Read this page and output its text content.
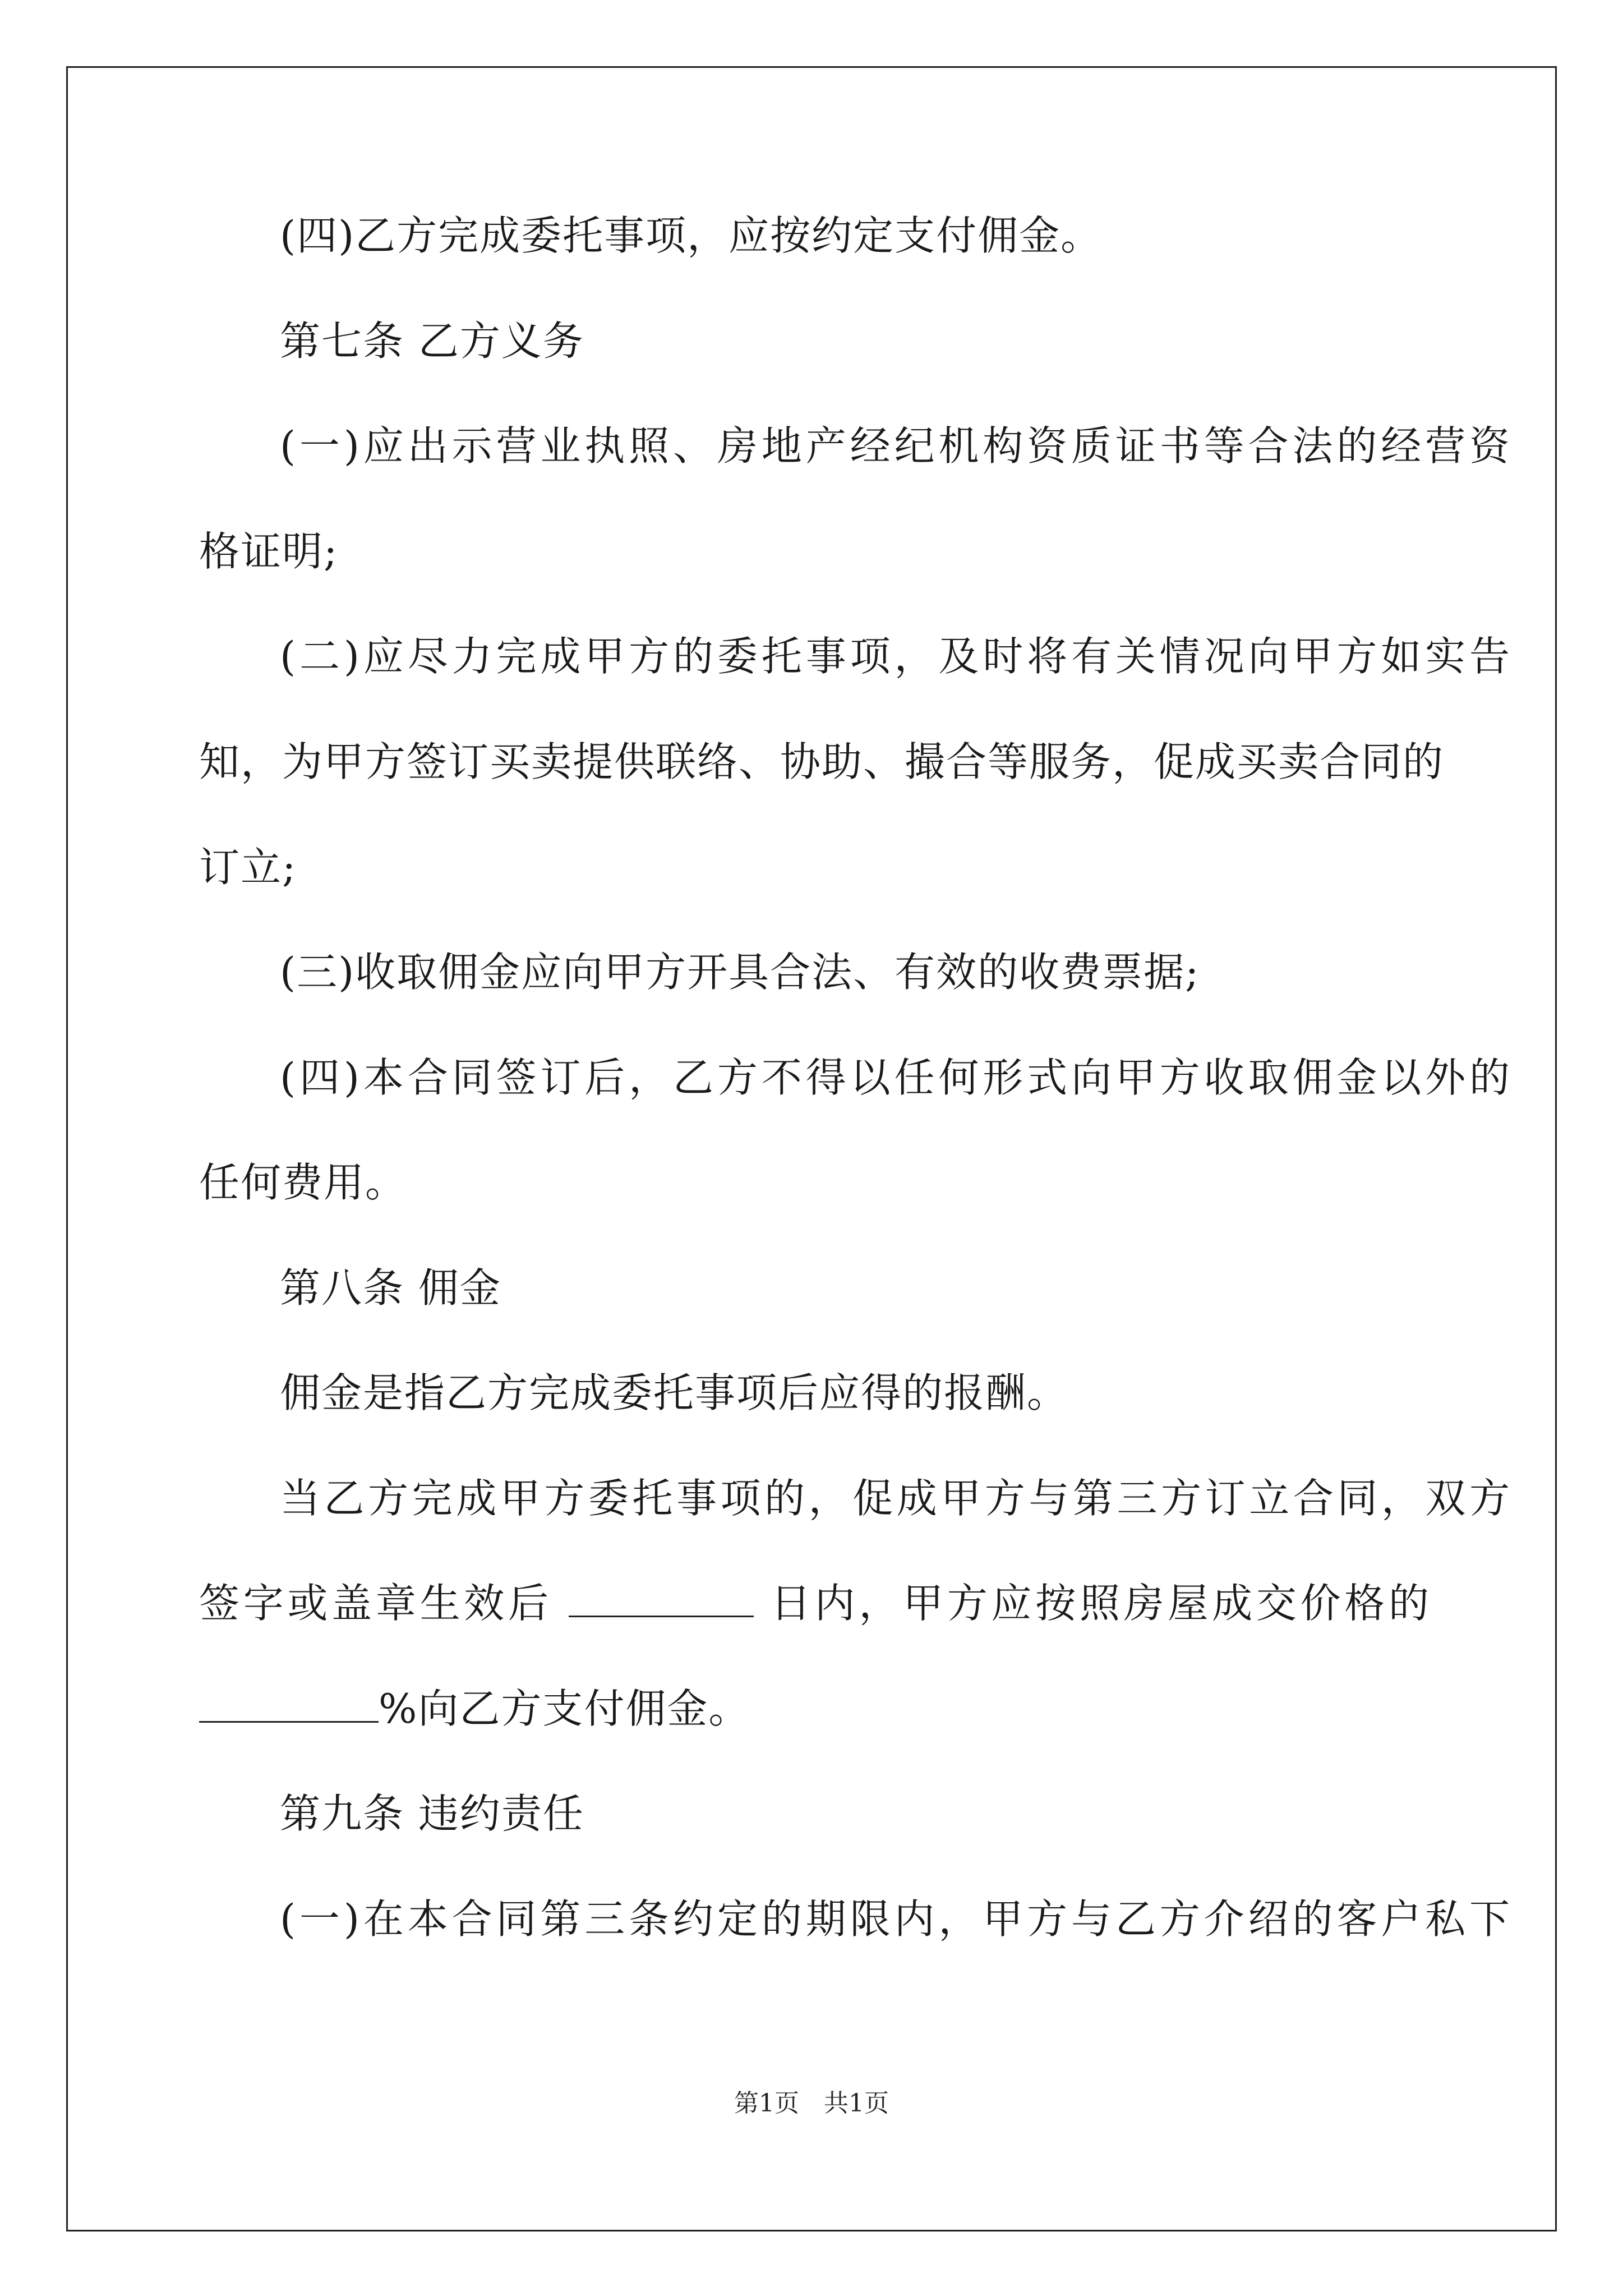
(四)乙方完成委托事项，应按约定支付佣金。
第七条 乙方义务
(一)应出示营业执照、房地产经纪机构资质证书等合法的经营资
格证明;
(二)应尽力完成甲方的委托事项，及时将有关情况向甲方如实告
知，为甲方签订买卖提供联络、协助、撮合等服务，促成买卖合同的
订立;
(三)收取佣金应向甲方开具合法、有效的收费票据;
(四)本合同签订后，乙方不得以任何形式向甲方收取佣金以外的
任何费用。
第八条 佣金
佣金是指乙方完成委托事项后应得的报酬。
当乙方完成甲方委托事项的，促成甲方与第三方订立合同，双方
签字或盖章生效后	日内，甲方应按照房屋成交价格的
%向乙方支付佣金。
第九条 违约责任
(一)在本合同第三条约定的期限内，甲方与乙方介绍的客户私下
第1页　共1页
